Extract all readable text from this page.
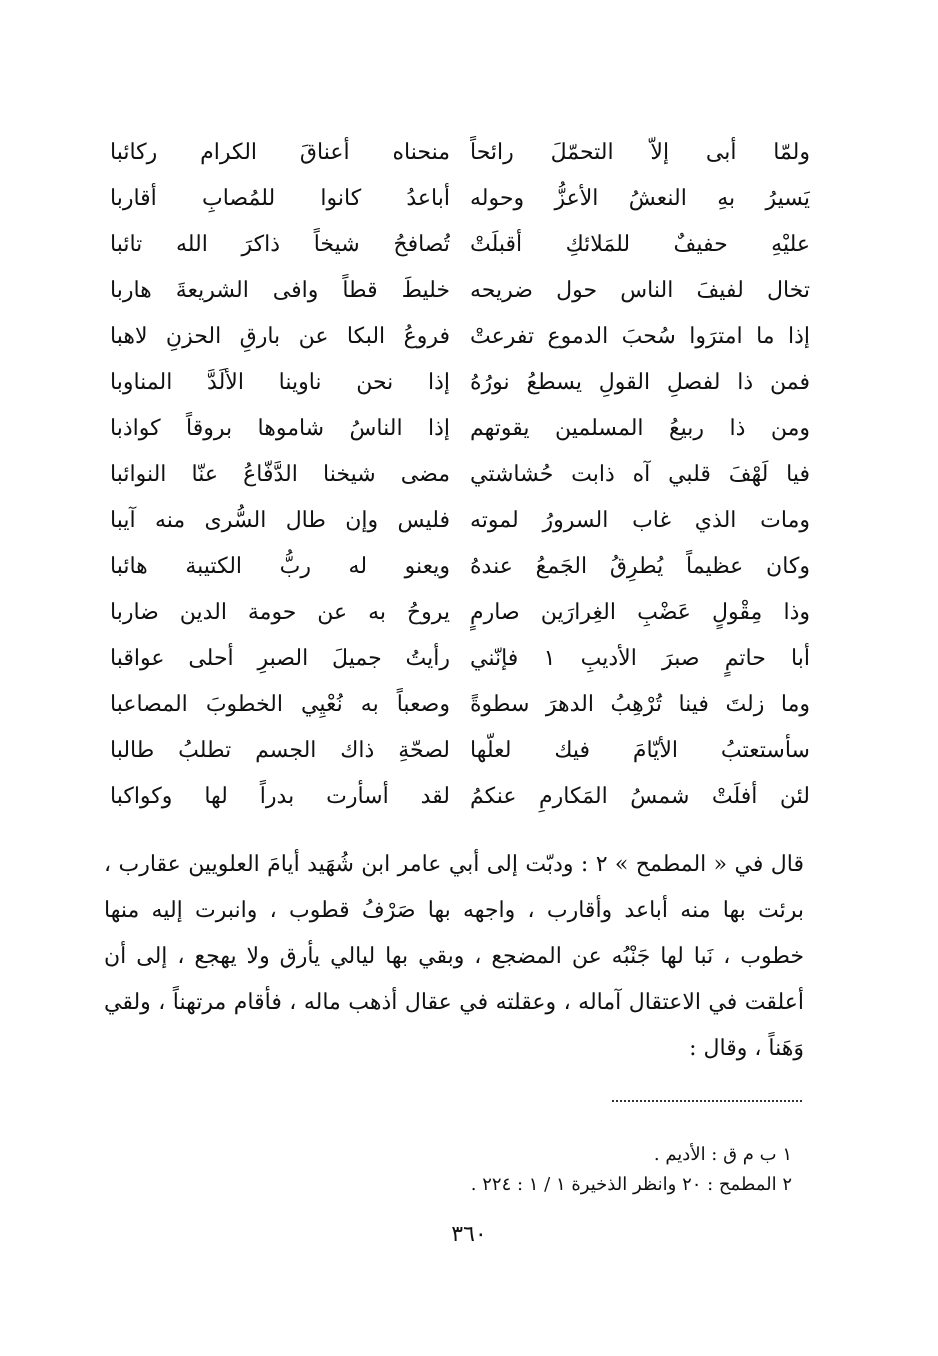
ولمّا أبى إلاّ التحمّلَ رائحاً
منحناه أعناقَ الكرام ركائبا
يَسيرُ بهِ النعشُ الأعزُّ وحوله
أباعدُ كانوا للمُصابِ أقاربا
عليْهِ حفيفٌ للمَلائكِ أقبلَتْ
تُصافحُ شيخاً ذاكرَ الله تائبا
تخال لفيفَ الناس حول ضريحه
خليطَ قطاً وافى الشريعةَ هاربا
إذا ما امترَوا سُحبَ الدموع تفرعتْ
فروعُ البكا عن بارقِ الحزنِ لاهبا
فمن ذا لفصلِ القولِ يسطعُ نورُهُ
إذا نحن ناوينا الألَدَّ المناوبا
ومن ذا ربيعُ المسلمين يقوتهم
إذا الناسُ شاموها بروقاً كواذبا
فيا لَهْفَ قلبي آه ذابت حُشاشتي
مضى شيخنا الدَّفّاعُ عنّا النوائبا
ومات الذي غاب السرورُ لموته
فليس وإن طال السُّرى منه آيبا
وكان عظيماً يُطرِقُ الجَمعُ عندهُ
ويعنو له ربُّ الكتيبة هائبا
وذا مِقْولٍ عَضْبِ الغِرارَين صارمٍ
يروحُ به عن حومة الدين ضاربا
أبا حاتمٍ صبرَ الأديبِ ١ فإنّني
رأيتُ جميلَ الصبرِ أحلى عواقبا
وما زلتَ فينا تُرْهِبُ الدهرَ سطوةً
وصعباً به نُعْيِي الخطوبَ المصاعبا
سأستعتبُ الأيّامَ فيك لعلّها
لصحّةِ ذاك الجسم تطلبُ طالبا
لئن أفلَتْ شمسُ المَكارمِ عنكمُ
لقد أسأرت بدراً لها وكواكبا
قال في « المطمح » ٢ : ودبّت إلى أبي عامر ابن شُهَيد أيامَ العلويين عقارب ،
برئت بها منه أباعد وأقارب ، واجهه بها صَرْفُ قطوب ، وانبرت إليه منها
خطوب ، نَبا لها جَنْبُه عن المضجع ، وبقي بها ليالي يأرق ولا يهجع ، إلى أن
أعلقت في الاعتقال آماله ، وعقلته في عقال أذهب ماله ، فأقام مرتهناً ، ولقي
وَهَناً ، وقال :
١ ب م ق : الأديم .
٢ المطمح : ٢٠ وانظر الذخيرة ١ / ١ : ٢٢٤ .
٣٦٠
